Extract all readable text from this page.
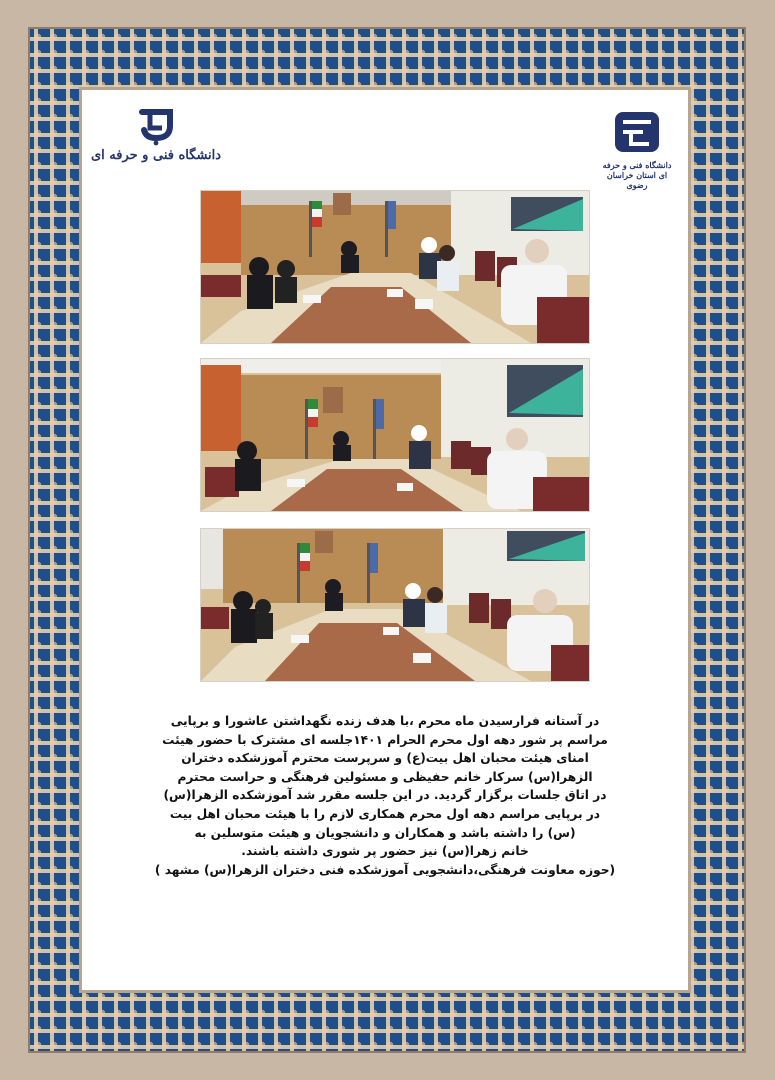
دانشگاه فنی و حرفه ای
دانشگاه فنی و حرفه ای استان خراسان رضوی

در آستانه فرارسیدن ماه محرم ،با هدف زنده نگهداشتن عاشورا و برپایی

مراسم پر شور دهه اول محرم الحرام ۱۴۰۱جلسه ای مشترک با حضور هیئت

امنای هیئت محبان اهل بیت(ع) و سرپرست محترم آموزشکده دختران

الزهرا(س) سرکار خانم حفیظی و مسئولین فرهنگی و حراست محترم

در اتاق جلسات برگزار گردید. در این جلسه مقرر شد آموزشکده الزهرا(س)

در برپایی مراسم دهه اول محرم همکاری لازم را با هیئت محبان اهل بیت

(س) را داشته باشد و همکاران و دانشجویان و هیئت متوسلین به

خانم زهرا(س) نیز حضور پر شوری داشته باشند.

(حوزه معاونت فرهنگی،دانشجویی آموزشکده فنی دختران الزهرا(س) مشهد )
